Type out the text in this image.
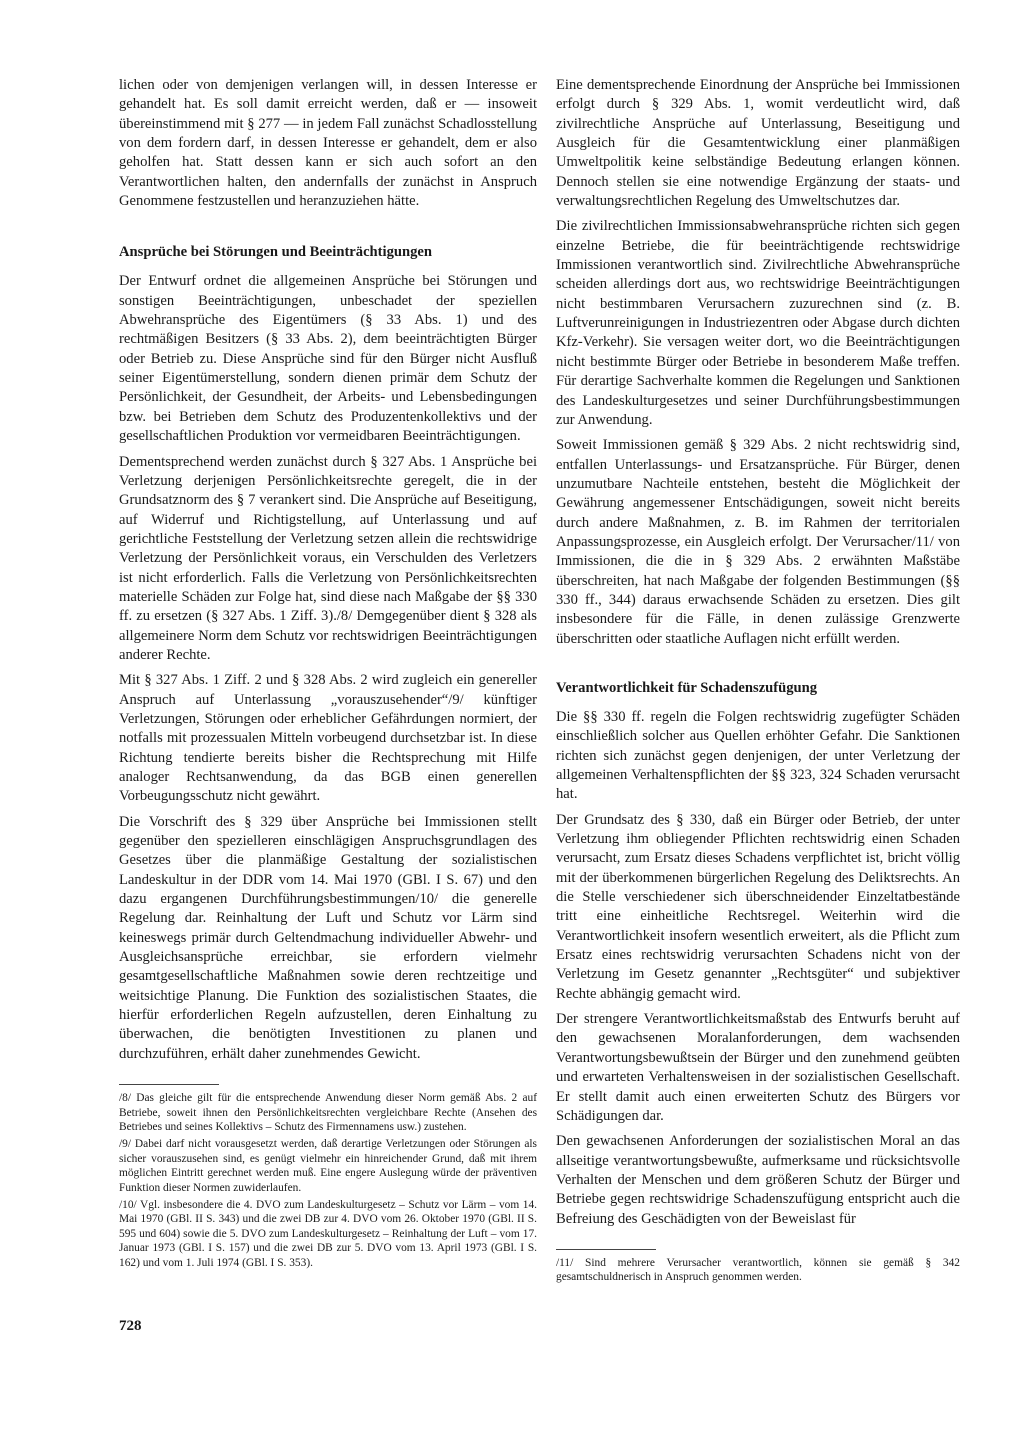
lichen oder von demjenigen verlangen will, in dessen Interesse er gehandelt hat. Es soll damit erreicht werden, daß er — insoweit übereinstimmend mit § 277 — in jedem Fall zunächst Schadlosstellung von dem fordern darf, in dessen Interesse er gehandelt, dem er also geholfen hat. Statt dessen kann er sich auch sofort an den Verantwortlichen halten, den andernfalls der zunächst in Anspruch Genommene festzustellen und heranzuziehen hätte.

Ansprüche bei Störungen und Beeinträchtigungen

Der Entwurf ordnet die allgemeinen Ansprüche bei Störungen und sonstigen Beeinträchtigungen, unbeschadet der speziellen Abwehransprüche des Eigentümers (§ 33 Abs. 1) und des rechtmäßigen Besitzers (§ 33 Abs. 2), dem beeinträchtigten Bürger oder Betrieb zu. Diese Ansprüche sind für den Bürger nicht Ausfluß seiner Eigentümerstellung, sondern dienen primär dem Schutz der Persönlichkeit, der Gesundheit, der Arbeits- und Lebensbedingungen bzw. bei Betrieben dem Schutz des Produzentenkollektivs und der gesellschaftlichen Produktion vor vermeidbaren Beeinträchtigungen.

Dementsprechend werden zunächst durch § 327 Abs. 1 Ansprüche bei Verletzung derjenigen Persönlichkeitsrechte geregelt, die in der Grundsatznorm des § 7 verankert sind. Die Ansprüche auf Beseitigung, auf Widerruf und Richtigstellung, auf Unterlassung und auf gerichtliche Feststellung der Verletzung setzen allein die rechtswidrige Verletzung der Persönlichkeit voraus, ein Verschulden des Verletzers ist nicht erforderlich. Falls die Verletzung von Persönlichkeitsrechten materielle Schäden zur Folge hat, sind diese nach Maßgabe der §§ 330 ff. zu ersetzen (§ 327 Abs. 1 Ziff. 3)./8/ Demgegenüber dient § 328 als allgemeinere Norm dem Schutz vor rechtswidrigen Beeinträchtigungen anderer Rechte.

Mit § 327 Abs. 1 Ziff. 2 und § 328 Abs. 2 wird zugleich ein genereller Anspruch auf Unterlassung „vorauszusehender“/9/ künftiger Verletzungen, Störungen oder erheblicher Gefährdungen normiert, der notfalls mit prozessualen Mitteln vorbeugend durchsetzbar ist. In diese Richtung tendierte bereits bisher die Rechtsprechung mit Hilfe analoger Rechtsanwendung, da das BGB einen generellen Vorbeugungsschutz nicht gewährt.

Die Vorschrift des § 329 über Ansprüche bei Immissionen stellt gegenüber den spezielleren einschlägigen Anspruchsgrundlagen des Gesetzes über die planmäßige Gestaltung der sozialistischen Landeskultur in der DDR vom 14. Mai 1970 (GBl. I S. 67) und den dazu ergangenen Durchführungsbestimmungen/10/ die generelle Regelung dar. Reinhaltung der Luft und Schutz vor Lärm sind keineswegs primär durch Geltendmachung individueller Abwehr- und Ausgleichsansprüche erreichbar, sie erfordern vielmehr gesamtgesellschaftliche Maßnahmen sowie deren rechtzeitige und weitsichtige Planung. Die Funktion des sozialistischen Staates, die hierfür erforderlichen Regeln aufzustellen, deren Einhaltung zu überwachen, die benötigten Investitionen zu planen und durchzuführen, erhält daher zunehmendes Gewicht.

/8/ Das gleiche gilt für die entsprechende Anwendung dieser Norm gemäß Abs. 2 auf Betriebe, soweit ihnen den Persönlichkeitsrechten vergleichbare Rechte (Ansehen des Betriebes und seines Kollektivs – Schutz des Firmennamens usw.) zustehen.

/9/ Dabei darf nicht vorausgesetzt werden, daß derartige Verletzungen oder Störungen als sicher vorauszusehen sind, es genügt vielmehr ein hinreichender Grund, daß mit ihrem möglichen Eintritt gerechnet werden muß. Eine engere Auslegung würde der präventiven Funktion dieser Normen zuwiderlaufen.

/10/ Vgl. insbesondere die 4. DVO zum Landeskulturgesetz – Schutz vor Lärm – vom 14. Mai 1970 (GBl. II S. 343) und die zwei DB zur 4. DVO vom 26. Oktober 1970 (GBl. II S. 595 und 604) sowie die 5. DVO zum Landeskulturgesetz – Reinhaltung der Luft – vom 17. Januar 1973 (GBl. I S. 157) und die zwei DB zur 5. DVO vom 13. April 1973 (GBl. I S. 162) und vom 1. Juli 1974 (GBl. I S. 353).

Eine dementsprechende Einordnung der Ansprüche bei Immissionen erfolgt durch § 329 Abs. 1, womit verdeutlicht wird, daß zivilrechtliche Ansprüche auf Unterlassung, Beseitigung und Ausgleich für die Gesamtentwicklung einer planmäßigen Umweltpolitik keine selbständige Bedeutung erlangen können. Dennoch stellen sie eine notwendige Ergänzung der staats- und verwaltungsrechtlichen Regelung des Umweltschutzes dar.

Die zivilrechtlichen Immissionsabwehransprüche richten sich gegen einzelne Betriebe, die für beeinträchtigende rechtswidrige Immissionen verantwortlich sind. Zivilrechtliche Abwehransprüche scheiden allerdings dort aus, wo rechtswidrige Beeinträchtigungen nicht bestimmbaren Verursachern zuzurechnen sind (z. B. Luftverunreinigungen in Industriezentren oder Abgase durch dichten Kfz-Verkehr). Sie versagen weiter dort, wo die Beeinträchtigungen nicht bestimmte Bürger oder Betriebe in besonderem Maße treffen. Für derartige Sachverhalte kommen die Regelungen und Sanktionen des Landeskulturgesetzes und seiner Durchführungsbestimmungen zur Anwendung.

Soweit Immissionen gemäß § 329 Abs. 2 nicht rechtswidrig sind, entfallen Unterlassungs- und Ersatzansprüche. Für Bürger, denen unzumutbare Nachteile entstehen, besteht die Möglichkeit der Gewährung angemessener Entschädigungen, soweit nicht bereits durch andere Maßnahmen, z. B. im Rahmen der territorialen Anpassungsprozesse, ein Ausgleich erfolgt. Der Verursacher/11/ von Immissionen, die die in § 329 Abs. 2 erwähnten Maßstäbe überschreiten, hat nach Maßgabe der folgenden Bestimmungen (§§ 330 ff., 344) daraus erwachsende Schäden zu ersetzen. Dies gilt insbesondere für die Fälle, in denen zulässige Grenzwerte überschritten oder staatliche Auflagen nicht erfüllt werden.

Verantwortlichkeit für Schadenszufügung

Die §§ 330 ff. regeln die Folgen rechtswidrig zugefügter Schäden einschließlich solcher aus Quellen erhöhter Gefahr. Die Sanktionen richten sich zunächst gegen denjenigen, der unter Verletzung der allgemeinen Verhaltenspflichten der §§ 323, 324 Schaden verursacht hat.

Der Grundsatz des § 330, daß ein Bürger oder Betrieb, der unter Verletzung ihm obliegender Pflichten rechtswidrig einen Schaden verursacht, zum Ersatz dieses Schadens verpflichtet ist, bricht völlig mit der überkommenen bürgerlichen Regelung des Deliktsrechts. An die Stelle verschiedener sich überschneidender Einzeltatbestände tritt eine einheitliche Rechtsregel. Weiterhin wird die Verantwortlichkeit insofern wesentlich erweitert, als die Pflicht zum Ersatz eines rechtswidrig verursachten Schadens nicht von der Verletzung im Gesetz genannter „Rechtsgüter“ und subjektiver Rechte abhängig gemacht wird.

Der strengere Verantwortlichkeitsmaßstab des Entwurfs beruht auf den gewachsenen Moralanforderungen, dem wachsenden Verantwortungsbewußtsein der Bürger und den zunehmend geübten und erwarteten Verhaltensweisen in der sozialistischen Gesellschaft. Er stellt damit auch einen erweiterten Schutz des Bürgers vor Schädigungen dar.

Den gewachsenen Anforderungen der sozialistischen Moral an das allseitige verantwortungsbewußte, aufmerksame und rücksichtsvolle Verhalten der Menschen und dem größeren Schutz der Bürger und Betriebe gegen rechtswidrige Schadenszufügung entspricht auch die Befreiung des Geschädigten von der Beweislast für

/11/ Sind mehrere Verursacher verantwortlich, können sie gemäß § 342 gesamtschuldnerisch in Anspruch genommen werden.

728
